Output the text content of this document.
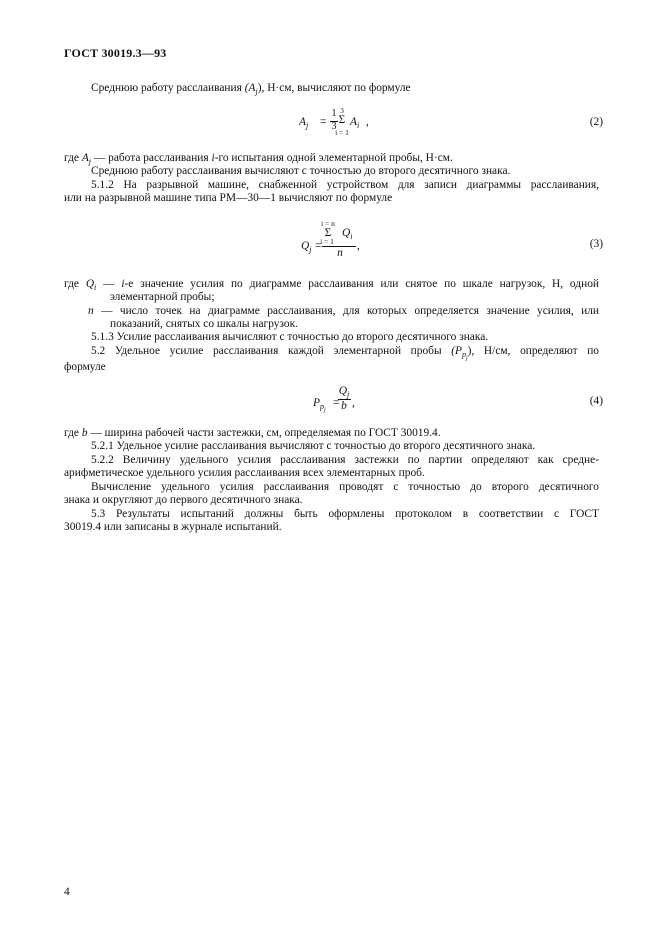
ГОСТ 30019.3—93
Среднюю работу расслаивания $(A_j)$, Н·см, вычисляют по формуле
$A_j$ =
1
3
3
Σ
i = 1
$A_i$ ,	(2)
где $A_j$ — работа расслаивания i-го испытания одной элементарной пробы, Н·см.
Среднюю работу расслаивания вычисляют с точностью до второго десятичного знака.
5.1.2 На разрывной машине, снабженной устройством для записи диаграммы расслаивания,
или на разрывной машине типа РМ—30—1 вычисляют по формуле
i = n
Σ $Q_i$
$Q_j$ =
i = 1
n
,	(3)
где $Q_i$ — i-е значение усилия по диаграмме расслаивания или снятое по шкале нагрузок, Н, одной
элементарной пробы;
n — число точек на диаграмме расслаивания, для которых определяется значение усилия, или
показаний, снятых со шкалы нагрузок.
5.1.3 Усилие расслаивания вычисляют с точностью до второго десятичного знака.
5.2 Удельное усилие расслаивания каждой элементарной пробы $(P_{p_j})$, Н/см, определяют по
формуле
$P_{p_j}$
=
$Q_j$
b ,	(4)
где b — ширина рабочей части застежки, см, определяемая по ГОСТ 30019.4.
5.2.1 Удельное усилие расслаивания вычисляют с точностью до второго десятичного знака.
5.2.2 Величину удельного усилия расслаивания застежки по партии определяют как средне-
арифметическое удельного усилия расслаивания всех элементарных проб.
Вычисление удельного усилия расслаивания проводят с точностью до второго десятичного
знака и округляют до первого десятичного знака.
5.3 Результаты испытаний должны быть оформлены протоколом в соответствии с ГОСТ
30019.4 или записаны в журнале испытаний.
4
